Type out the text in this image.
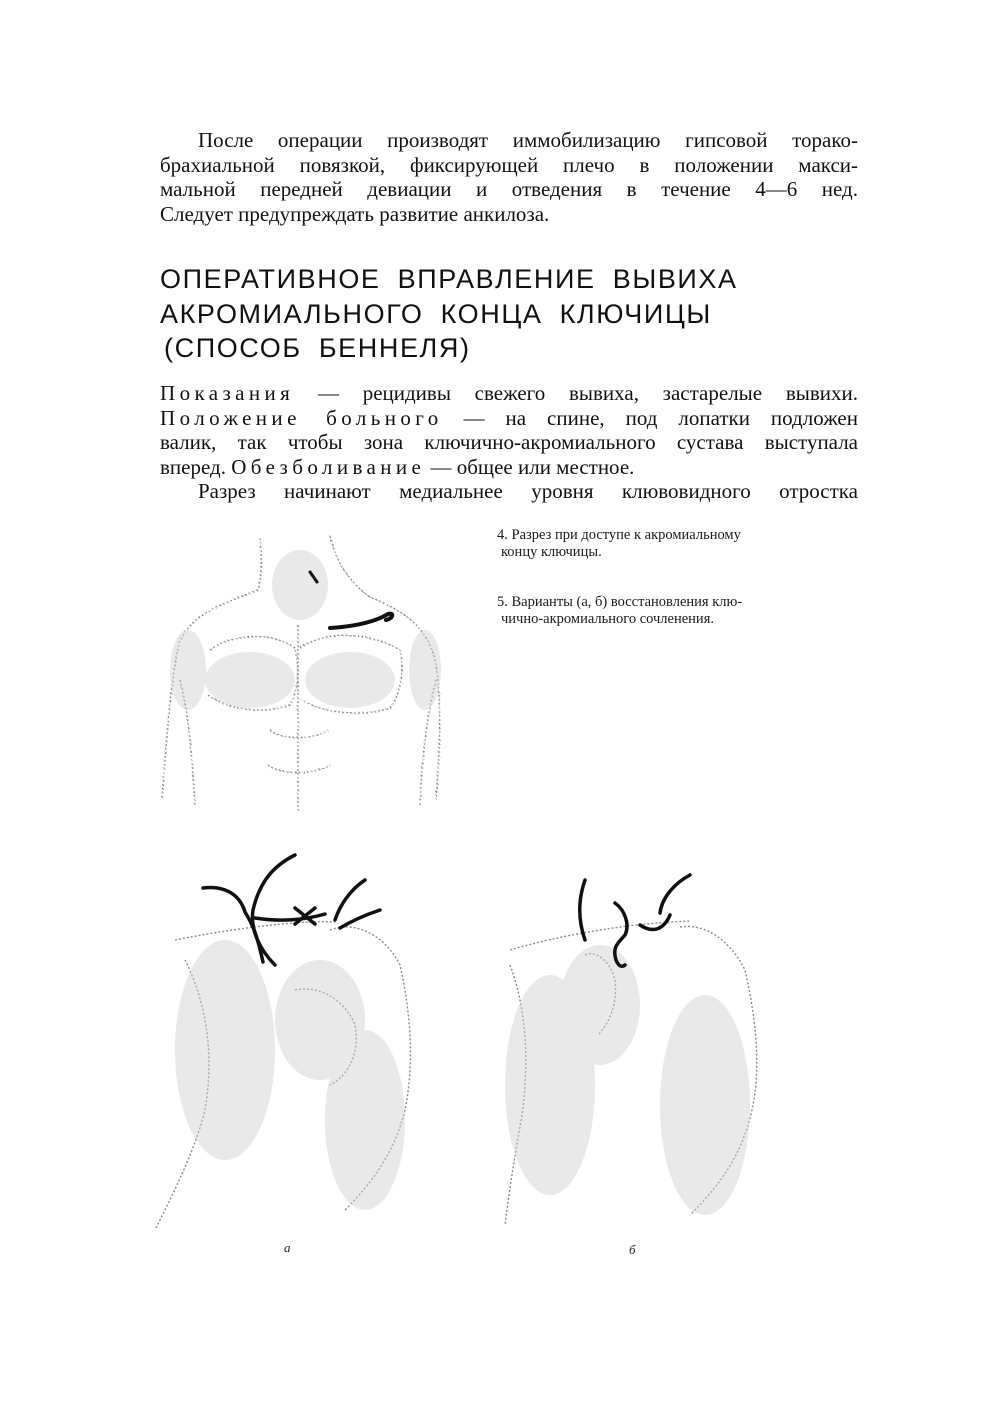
После операции производят иммобилизацию гипсовой торако-
брахиальной повязкой, фиксирующей плечо в положении макси-
мальной передней девиации и отведения в течение 4—6 нед.
Следует предупреждать развитие анкилоза.

ОПЕРАТИВНОЕ ВПРАВЛЕНИЕ ВЫВИХА
АКРОМИАЛЬНОГО КОНЦА КЛЮЧИЦЫ
(СПОСОБ БЕННЕЛЯ)

Показания — рецидивы свежего вывиха, застарелые вывихи.
Положение больного — на спине, под лопатки подложен
валик, так чтобы зона ключично-акромиального сустава выступала
вперед. Обезболивание — общее или местное.
Разрез начинают медиальнее уровня клювовидного отростка

4. Разрез при доступе к акромиальному
концу ключицы.

5. Варианты (а, б) восстановления клю-
чично-акромиального сочленения.

а	б
